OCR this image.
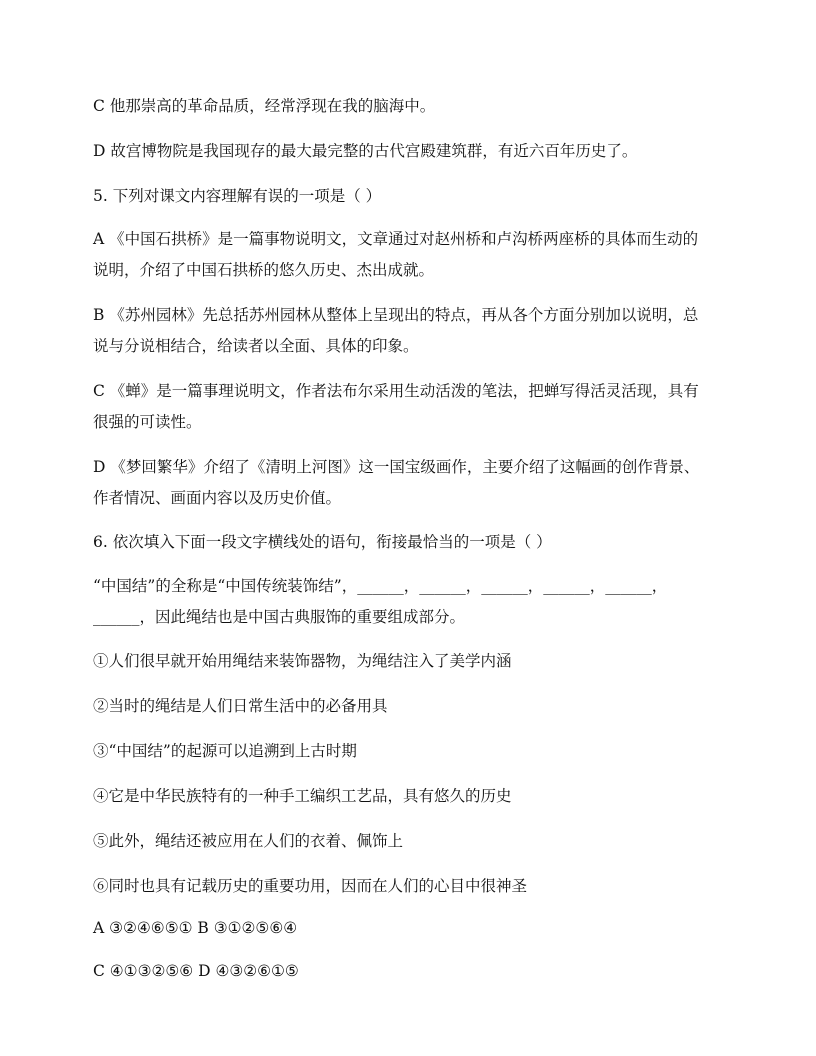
C 他那崇高的革命品质，经常浮现在我的脑海中。
D 故宫博物院是我国现存的最大最完整的古代宫殿建筑群，有近六百年历史了。
5. 下列对课文内容理解有误的一项是（ ）
A 《中国石拱桥》是一篇事物说明文，文章通过对赵州桥和卢沟桥两座桥的具体而生动的
说明，介绍了中国石拱桥的悠久历史、杰出成就。
B 《苏州园林》先总括苏州园林从整体上呈现出的特点，再从各个方面分别加以说明，总
说与分说相结合，给读者以全面、具体的印象。
C 《蝉》是一篇事理说明文，作者法布尔采用生动活泼的笔法，把蝉写得活灵活现，具有
很强的可读性。
D 《梦回繁华》介绍了《清明上河图》这一国宝级画作，主要介绍了这幅画的创作背景、
作者情况、画面内容以及历史价值。
6. 依次填入下面一段文字横线处的语句，衔接最恰当的一项是（ ）
“中国结”的全称是“中国传统装饰结”，______，______，______，______，______，
______，因此绳结也是中国古典服饰的重要组成部分。
①人们很早就开始用绳结来装饰器物，为绳结注入了美学内涵
②当时的绳结是人们日常生活中的必备用具
③“中国结”的起源可以追溯到上古时期
④它是中华民族特有的一种手工编织工艺品，具有悠久的历史
⑤此外，绳结还被应用在人们的衣着、佩饰上
⑥同时也具有记载历史的重要功用，因而在人们的心目中很神圣
A ③②④⑥⑤① B ③①②⑤⑥④
C ④①③②⑤⑥ D ④③②⑥①⑤
